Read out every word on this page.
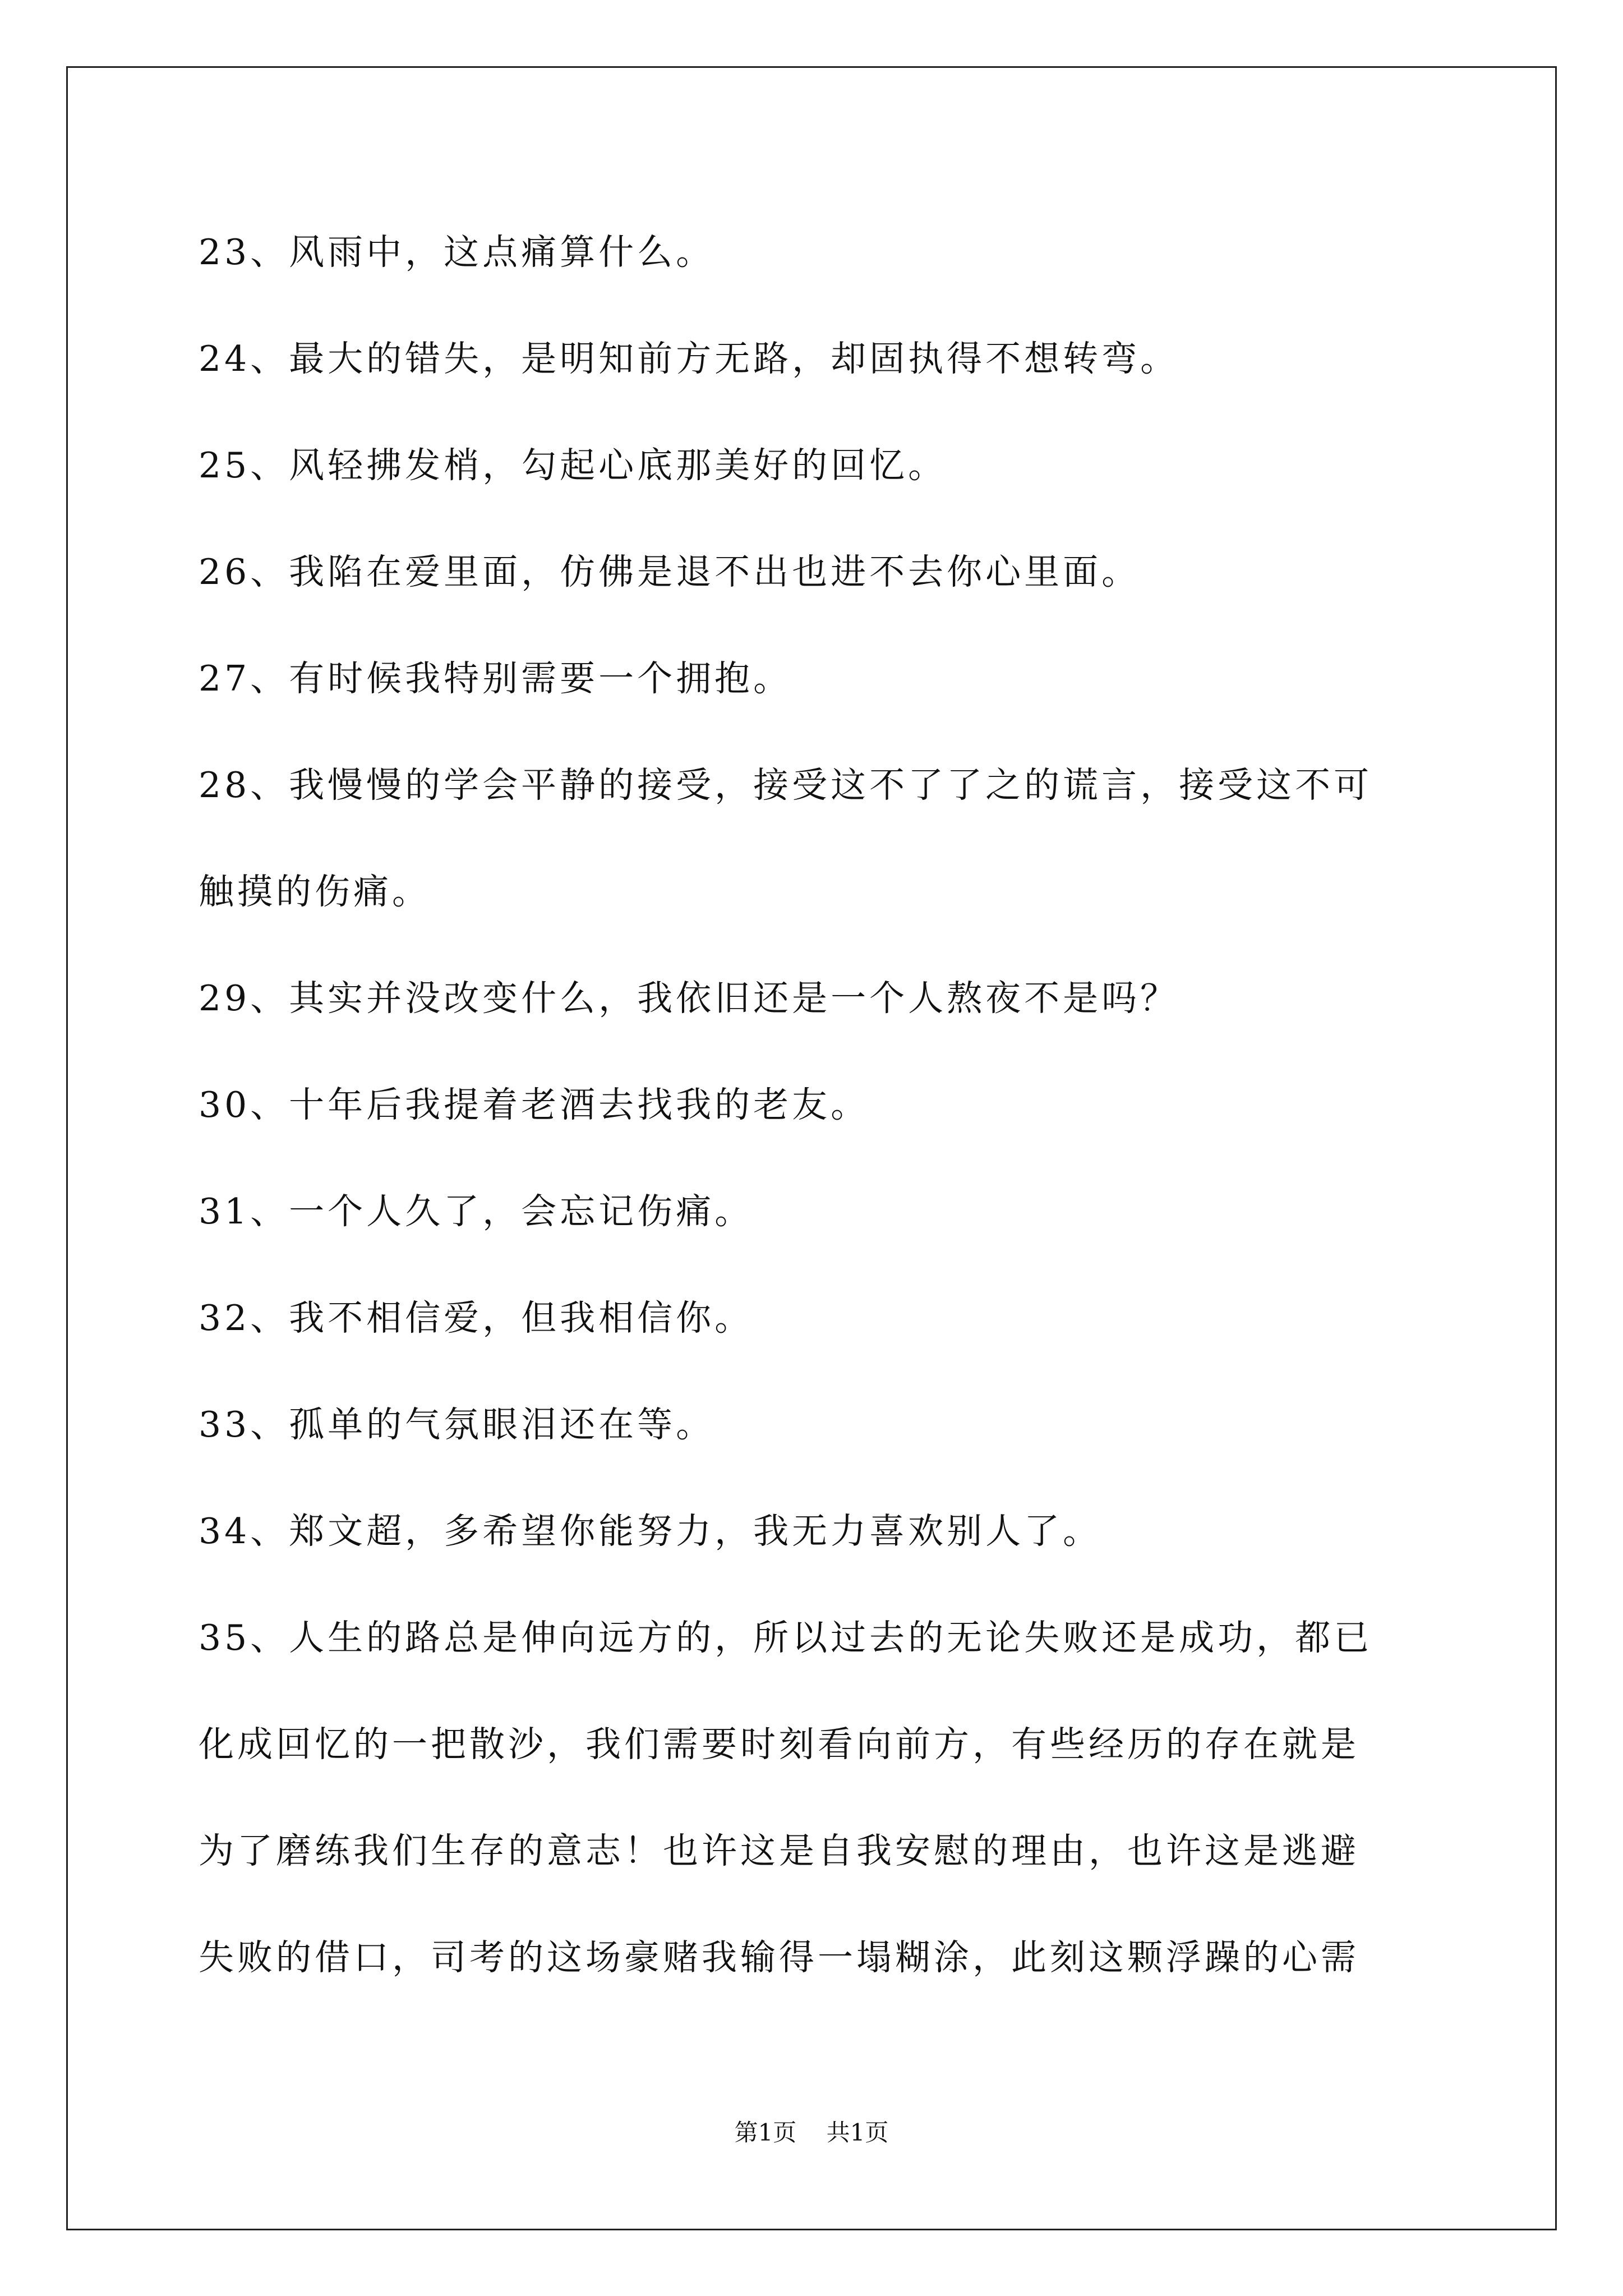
23、风雨中，这点痛算什么。
24、最大的错失，是明知前方无路，却固执得不想转弯。
25、风轻拂发梢，勾起心底那美好的回忆。
26、我陷在爱里面，仿佛是退不出也进不去你心里面。
27、有时候我特别需要一个拥抱。
28、我慢慢的学会平静的接受，接受这不了了之的谎言，接受这不可
触摸的伤痛。
29、其实并没改变什么，我依旧还是一个人熬夜不是吗？
30、十年后我提着老酒去找我的老友。
31、一个人久了，会忘记伤痛。
32、我不相信爱，但我相信你。
33、孤单的气氛眼泪还在等。
34、郑文超，多希望你能努力，我无力喜欢别人了。
35、人生的路总是伸向远方的，所以过去的无论失败还是成功，都已
化成回忆的一把散沙，我们需要时刻看向前方，有些经历的存在就是
为了磨练我们生存的意志！也许这是自我安慰的理由，也许这是逃避
失败的借口，司考的这场豪赌我输得一塌糊涂，此刻这颗浮躁的心需
第1页 共1页
